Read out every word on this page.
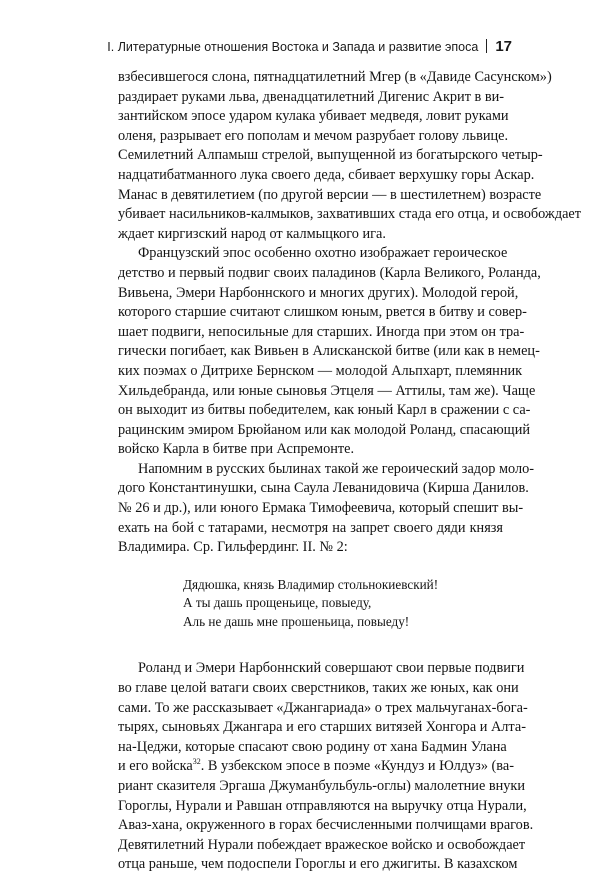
I. Литературные отношения Востока и Запада и развитие эпоса 17
взбесившегося слона, пятнадцатилетний Мгер (в «Давиде Сасунском»)
раздирает руками льва, двенадцатилетний Дигенис Акрит в ви-
зантийском эпосе ударом кулака убивает медведя, ловит руками
оленя, разрывает его пополам и мечом разрубает голову львице.
Семилетний Алпамыш стрелой, выпущенной из богатырского четыр-
надцатибатманного лука своего деда, сбивает верхушку горы Аскар.
Манас в девятилетием (по другой версии — в шестилетнем) возрасте
убивает насильников-калмыков, захвативших стада его отца, и освобождает
ждает киргизский народ от калмыцкого ига.
Французский эпос особенно охотно изображает героическое
детство и первый подвиг своих паладинов (Карла Великого, Роланда,
Вивьена, Эмери Нарбоннского и многих других). Молодой герой,
которого старшие считают слишком юным, рвется в битву и совер-
шает подвиги, непосильные для старших. Иногда при этом он тра-
гически погибает, как Вивьен в Алисканской битве (или как в немец-
ких поэмах о Дитрихе Бернском — молодой Альпхарт, племянник
Хильдебранда, или юные сыновья Этцеля — Аттилы, там же). Чаще
он выходит из битвы победителем, как юный Карл в сражении с са-
рацинским эмиром Брюйаном или как молодой Роланд, спасающий
войско Карла в битве при Аспремонте.
Напомним в русских былинах такой же героический задор моло-
дого Константинушки, сына Саула Леванидовича (Кирша Данилов.
№ 26 и др.), или юного Ермака Тимофеевича, который спешит вы-
ехать на бой с татарами, несмотря на запрет своего дяди князя
Владимира. Ср. Гильфердинг. II. № 2:
Дядюшка, князь Владимир стольнокиевский!
А ты дашь прощеньице, повыеду,
Аль не дашь мне прошеньица, повыеду!
Роланд и Эмери Нарбоннский совершают свои первые подвиги
во главе целой ватаги своих сверстников, таких же юных, как они
сами. То же рассказывает «Джангариада» о трех мальчуганах-бога-
тырях, сыновьях Джангара и его старших витязей Хонгора и Алта-
на-Цеджи, которые спасают свою родину от хана Бадмин Улана
и его войска$^{32}$. В узбекском эпосе в поэме «Кундуз и Юлдуз» (ва-
риант сказителя Эргаша Джуманбульбуль-оглы) малолетние внуки
Гороглы, Нурали и Равшан отправляются на выручку отца Нурали,
Аваз-хана, окруженного в горах бесчисленными полчищами врагов.
Девятилетний Нурали побеждает вражеское войско и освобождает
отца раньше, чем подоспели Гороглы и его джигиты. В казахском
